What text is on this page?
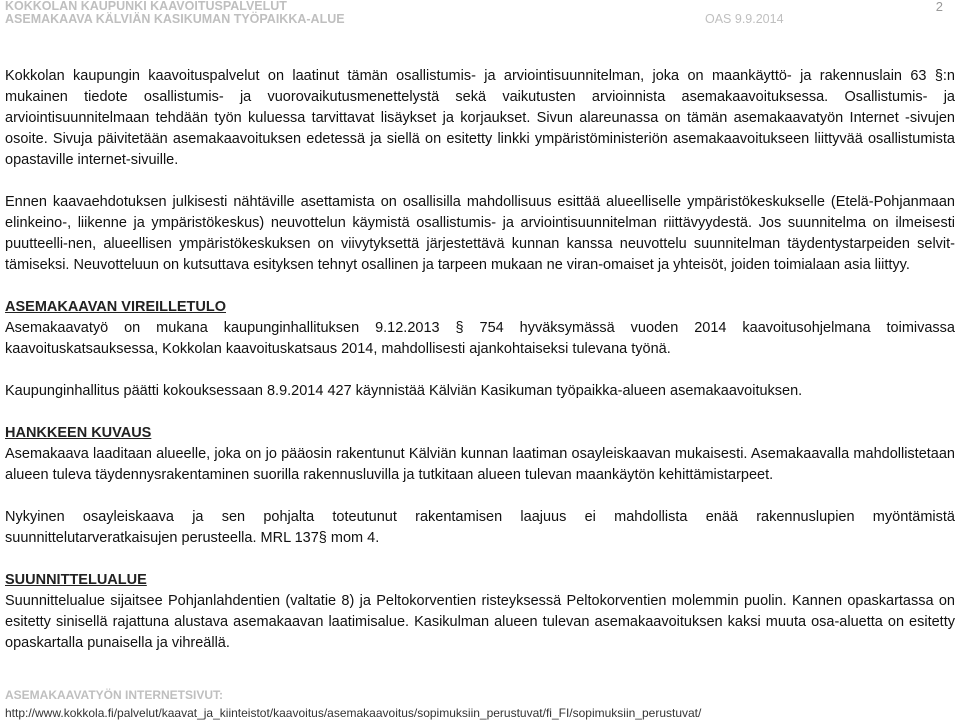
KOKKOLAN KAUPUNKI KAAVOITUSPALVELUT
ASEMAKAAVA KÄLVIÄN KASIKUMAN TYÖPAIKKA-ALUE	OAS 9.9.2014
2

Kokkolan kaupungin kaavoituspalvelut on laatinut tämän osallistumis- ja arviointisuunnitelman, joka on maankäyttö- ja rakennuslain 63 §:n mukainen tiedote osallistumis- ja vuorovaikutusmenettelystä sekä vaikutusten arvioinnista asemakaavoituksessa. Osallistumis- ja arviointisuunnitelmaan tehdään työn kuluessa tarvittavat lisäykset ja korjaukset. Sivun alareunassa on tämän asemakaavatyön Internet -sivujen osoite. Sivuja päivitetään asemakaavoituksen edetessä ja siellä on esitetty linkki ympäristöministeriön asemakaavoitukseen liittyvää osallistumista opastaville internet-sivuille.

Ennen kaavaehdotuksen julkisesti nähtäville asettamista on osallisilla mahdollisuus esittää alueelliselle ympäristökeskukselle (Etelä-Pohjanmaan elinkeino-, liikenne ja ympäristökeskus) neuvottelun käymistä osallistumis- ja arviointisuunnitelman riittävyydestä. Jos suunnitelma on ilmeisesti puutteelli-nen, alueellisen ympäristökeskuksen on viivytyksettä järjestettävä kunnan kanssa neuvottelu suunnitelman täydentystarpeiden selvit-tämiseksi. Neuvotteluun on kutsuttava esityksen tehnyt osallinen ja tarpeen mukaan ne viran-omaiset ja yhteisöt, joiden toimialaan asia liittyy.

ASEMAKAAVAN VIREILLETULO

Asemakaavatyö on mukana kaupunginhallituksen 9.12.2013 § 754 hyväksymässä vuoden 2014 kaavoitusohjelmana toimivassa kaavoituskatsauksessa, Kokkolan kaavoituskatsaus 2014, mahdollisesti ajankohtaiseksi tulevana työnä.

Kaupunginhallitus päätti kokouksessaan 8.9.2014 427 käynnistää Kälviän Kasikuman työpaikka-alueen asemakaavoituksen.

HANKKEEN KUVAUS

Asemakaava laaditaan alueelle, joka on jo pääosin rakentunut Kälviän kunnan laatiman osayleiskaavan mukaisesti. Asemakaavalla mahdollistetaan alueen tuleva täydennysrakentaminen suorilla rakennusluvilla ja tutkitaan alueen tulevan maankäytön kehittämistarpeet.

Nykyinen osayleiskaava ja sen pohjalta toteutunut rakentamisen laajuus ei mahdollista enää rakennuslupien myöntämistä suunnittelutarveratkaisujen perusteella. MRL 137§ mom 4.

SUUNNITTELUALUE

Suunnittelualue sijaitsee Pohjanlahdentien (valtatie 8) ja Peltokorventien risteyksessä Peltokorventien molemmin puolin. Kannen opaskartassa on esitetty sinisellä rajattuna alustava asemakaavan laatimisalue. Kasikulman alueen tulevan asemakaavoituksen kaksi muuta osa-aluetta on esitetty opaskartalla punaisella ja vihreällä.

ASEMAKAAVATYÖN INTERNETSIVUT:
http://www.kokkola.fi/palvelut/kaavat_ja_kiinteistot/kaavoitus/asemakaavoitus/sopimuksiin_perustuvat/fi_FI/sopimuksiin_perustuvat/
